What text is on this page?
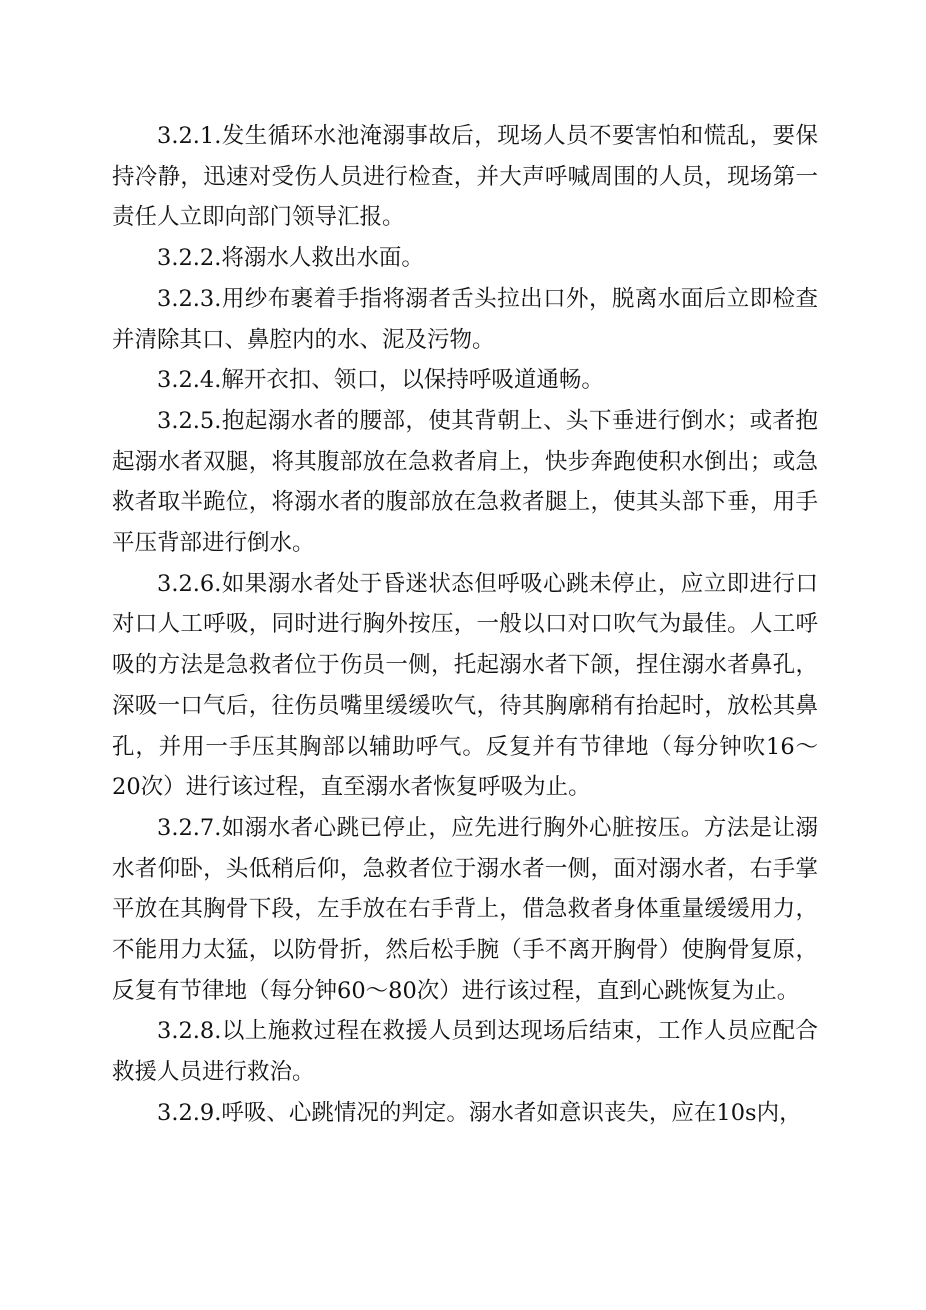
3.2.1.发生循环水池淹溺事故后，现场人员不要害怕和慌乱，要保持冷静，迅速对受伤人员进行检查，并大声呼喊周围的人员，现场第一责任人立即向部门领导汇报。

3.2.2.将溺水人救出水面。

3.2.3.用纱布裹着手指将溺者舌头拉出口外，脱离水面后立即检查并清除其口、鼻腔内的水、泥及污物。

3.2.4.解开衣扣、领口，以保持呼吸道通畅。

3.2.5.抱起溺水者的腰部，使其背朝上、头下垂进行倒水；或者抱起溺水者双腿，将其腹部放在急救者肩上，快步奔跑使积水倒出；或急救者取半跪位，将溺水者的腹部放在急救者腿上，使其头部下垂，用手平压背部进行倒水。

3.2.6.如果溺水者处于昏迷状态但呼吸心跳未停止，应立即进行口对口人工呼吸，同时进行胸外按压，一般以口对口吹气为最佳。人工呼吸的方法是急救者位于伤员一侧，托起溺水者下颌，捏住溺水者鼻孔，深吸一口气后，往伤员嘴里缓缓吹气，待其胸廓稍有抬起时，放松其鼻孔，并用一手压其胸部以辅助呼气。反复并有节律地（每分钟吹16～20次）进行该过程，直至溺水者恢复呼吸为止。

3.2.7.如溺水者心跳已停止，应先进行胸外心脏按压。方法是让溺水者仰卧，头低稍后仰，急救者位于溺水者一侧，面对溺水者，右手掌平放在其胸骨下段，左手放在右手背上，借急救者身体重量缓缓用力，不能用力太猛，以防骨折，然后松手腕（手不离开胸骨）使胸骨复原，反复有节律地（每分钟60～80次）进行该过程，直到心跳恢复为止。

3.2.8.以上施救过程在救援人员到达现场后结束，工作人员应配合救援人员进行救治。

3.2.9.呼吸、心跳情况的判定。溺水者如意识丧失，应在10s内，
